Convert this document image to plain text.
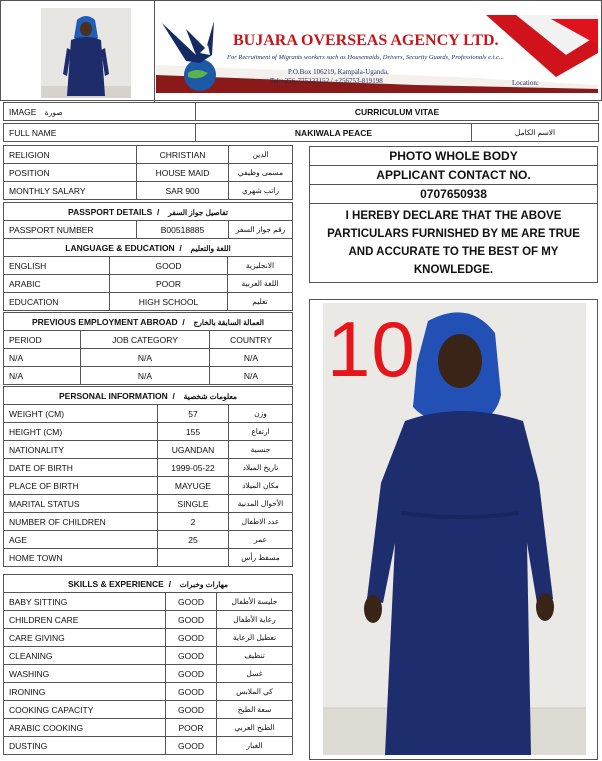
BUJARA OVERSEAS AGENCY LTD.
For Recruitment of Migrants workers such as Housemaids, Drivers, Security Guards, Professionals e.t.c...
P.O.Box 106219, Kampala-Uganda,
Tel:+256-775233152 / +256753-819198	Location:
IMAGE صورة	CURRICULUM VITAE
FULL NAME	NAKIWALA PEACE	الاسم الكامل
RELIGION	CHRISTIAN	الدين
POSITION	HOUSE MAID	مسمى وظيفي
MONTHLY SALARY	SAR 900	راتب شهري
PASSPORT DETAILS  /  تفاصيل جواز السفر
PASSPORT NUMBER	B00518885	رقم جواز السفر
LANGUAGE & EDUCATION  /  اللغة والتعليم		
ENGLISH	GOOD	الانجليزية
ARABIC	POOR	اللغة العربية
EDUCATION	HIGH SCHOOL	تعليم
PREVIOUS EMPLOYMENT ABROAD  /  العمالة السابقة بالخارج		
PERIOD	JOB CATEGORY	COUNTRY
N/A	N/A	N/A
N/A	N/A	N/A
PERSONAL INFORMATION  /  معلومات شخصية		
WEIGHT (CM)	57	وزن
HEIGHT (CM)	155	ارتفاع
NATIONALITY	UGANDAN	جنسية
DATE OF BIRTH	1999-05-22	تاريخ الميلاد
PLACE OF BIRTH	MAYUGE	مكان الميلاد
MARITAL STATUS	SINGLE	الأحوال المدنية
NUMBER OF CHILDREN	2	عدد الاطفال
AGE	25	عمر
HOME TOWN		مسقط رأس
SKILLS & EXPERIENCE  /  مهارات وخبرات		
BABY SITTING	GOOD	جليسة الأطفال
CHILDREN CARE	GOOD	رعاية الأطفال
CARE GIVING	GOOD	تعطيل الرعاية
CLEANING	GOOD	تنظيف
WASHING	GOOD	غسل
IRONING	GOOD	كي الملابس
COOKING CAPACITY	GOOD	سعة الطبخ
ARABIC COOKING	POOR	الطبخ العربي
DUSTING	GOOD	الغبار
PHOTO WHOLE BODY
APPLICANT CONTACT NO.
0707650938
I HEREBY DECLARE THAT THE ABOVE PARTICULARS FURNISHED BY ME ARE TRUE AND ACCURATE TO THE BEST OF MY KNOWLEDGE.
10
